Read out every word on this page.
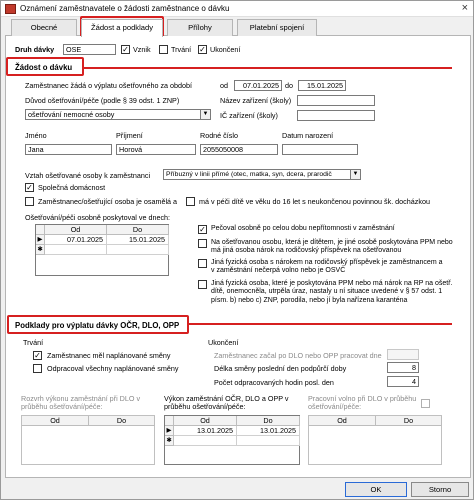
Oznámení zaměstnavatele o žádosti zaměstnance o dávku	×
Obecné	Žádost a podklady	Přílohy	Platební spojení
Druh dávky	OSE	✓ Vznik	Trvání ✓ Ukončení
Žádost o dávku
Zaměstnanec žádá o výplatu ošetřovného za období	od	07.01.2025 do	15.01.2025
Důvod ošetřování/péče (podle § 39 odst. 1 ZNP)	Název zařízení (školy)
ošetřování nemocné osoby	▼	IČ zařízení (školy)
Jméno	Příjmení	Rodné číslo	Datum narození
Jana	Horová	2055050008
Vztah ošetřované osoby k zaměstnanci	Příbuzný v linii přímé (otec, matka, syn, dcera, prarodič	▼
✓ Společná domácnost
Zaměstnanec/ošetřující osoba je osamělá a	má v péči dítě ve věku do 16 let s neukončenou povinnou šk. docházkou
Ošetřování/péči osobně poskytoval ve dnech:
Od	Do
▶	07.01.2025	15.01.2025
✱
✓ Pečoval osobně po celou dobu nepřítomnosti v zaměstnání
Na ošetřovanou osobu, která je dítětem, je jiné osobě poskytována PPM nebo má jiná osoba nárok na rodičovský příspěvek na ošetřovanou
Jiná fyzická osoba s nárokem na rodičovský příspěvek je zaměstnancem a v zaměstnání nečerpá volno nebo je OSVČ
Jiná fyzická osoba, které je poskytována PPM nebo má nárok na RP na ošetř. dítě, onemocněla, utrpěla úraz, nastaly u ní situace uvedené v § 57 odst. 1 písm. b) nebo c) ZNP, porodila, nebo jí byla nařízena karanténa
Podklady pro výplatu dávky OČR, DLO, OPP
Trvání
✓ Zaměstnanec měl naplánované směny
Odpracoval všechny naplánované směny
Ukončení
Zaměstnanec začal po DLO nebo OPP pracovat dne
Délka směny poslední den podpůrčí doby	8
Počet odpracovaných hodin posl. den	4
Rozvrh výkonu zaměstnání při DLO v průběhu ošetřování/péče:
Od	Do
Výkon zaměstnání OČR, DLO a OPP v průběhu ošetřování/péče:
Od	Do
▶	13.01.2025	13.01.2025
✱
Pracovní volno při DLO v průběhu ošetřování/péče:
Od	Do
OK	Storno
